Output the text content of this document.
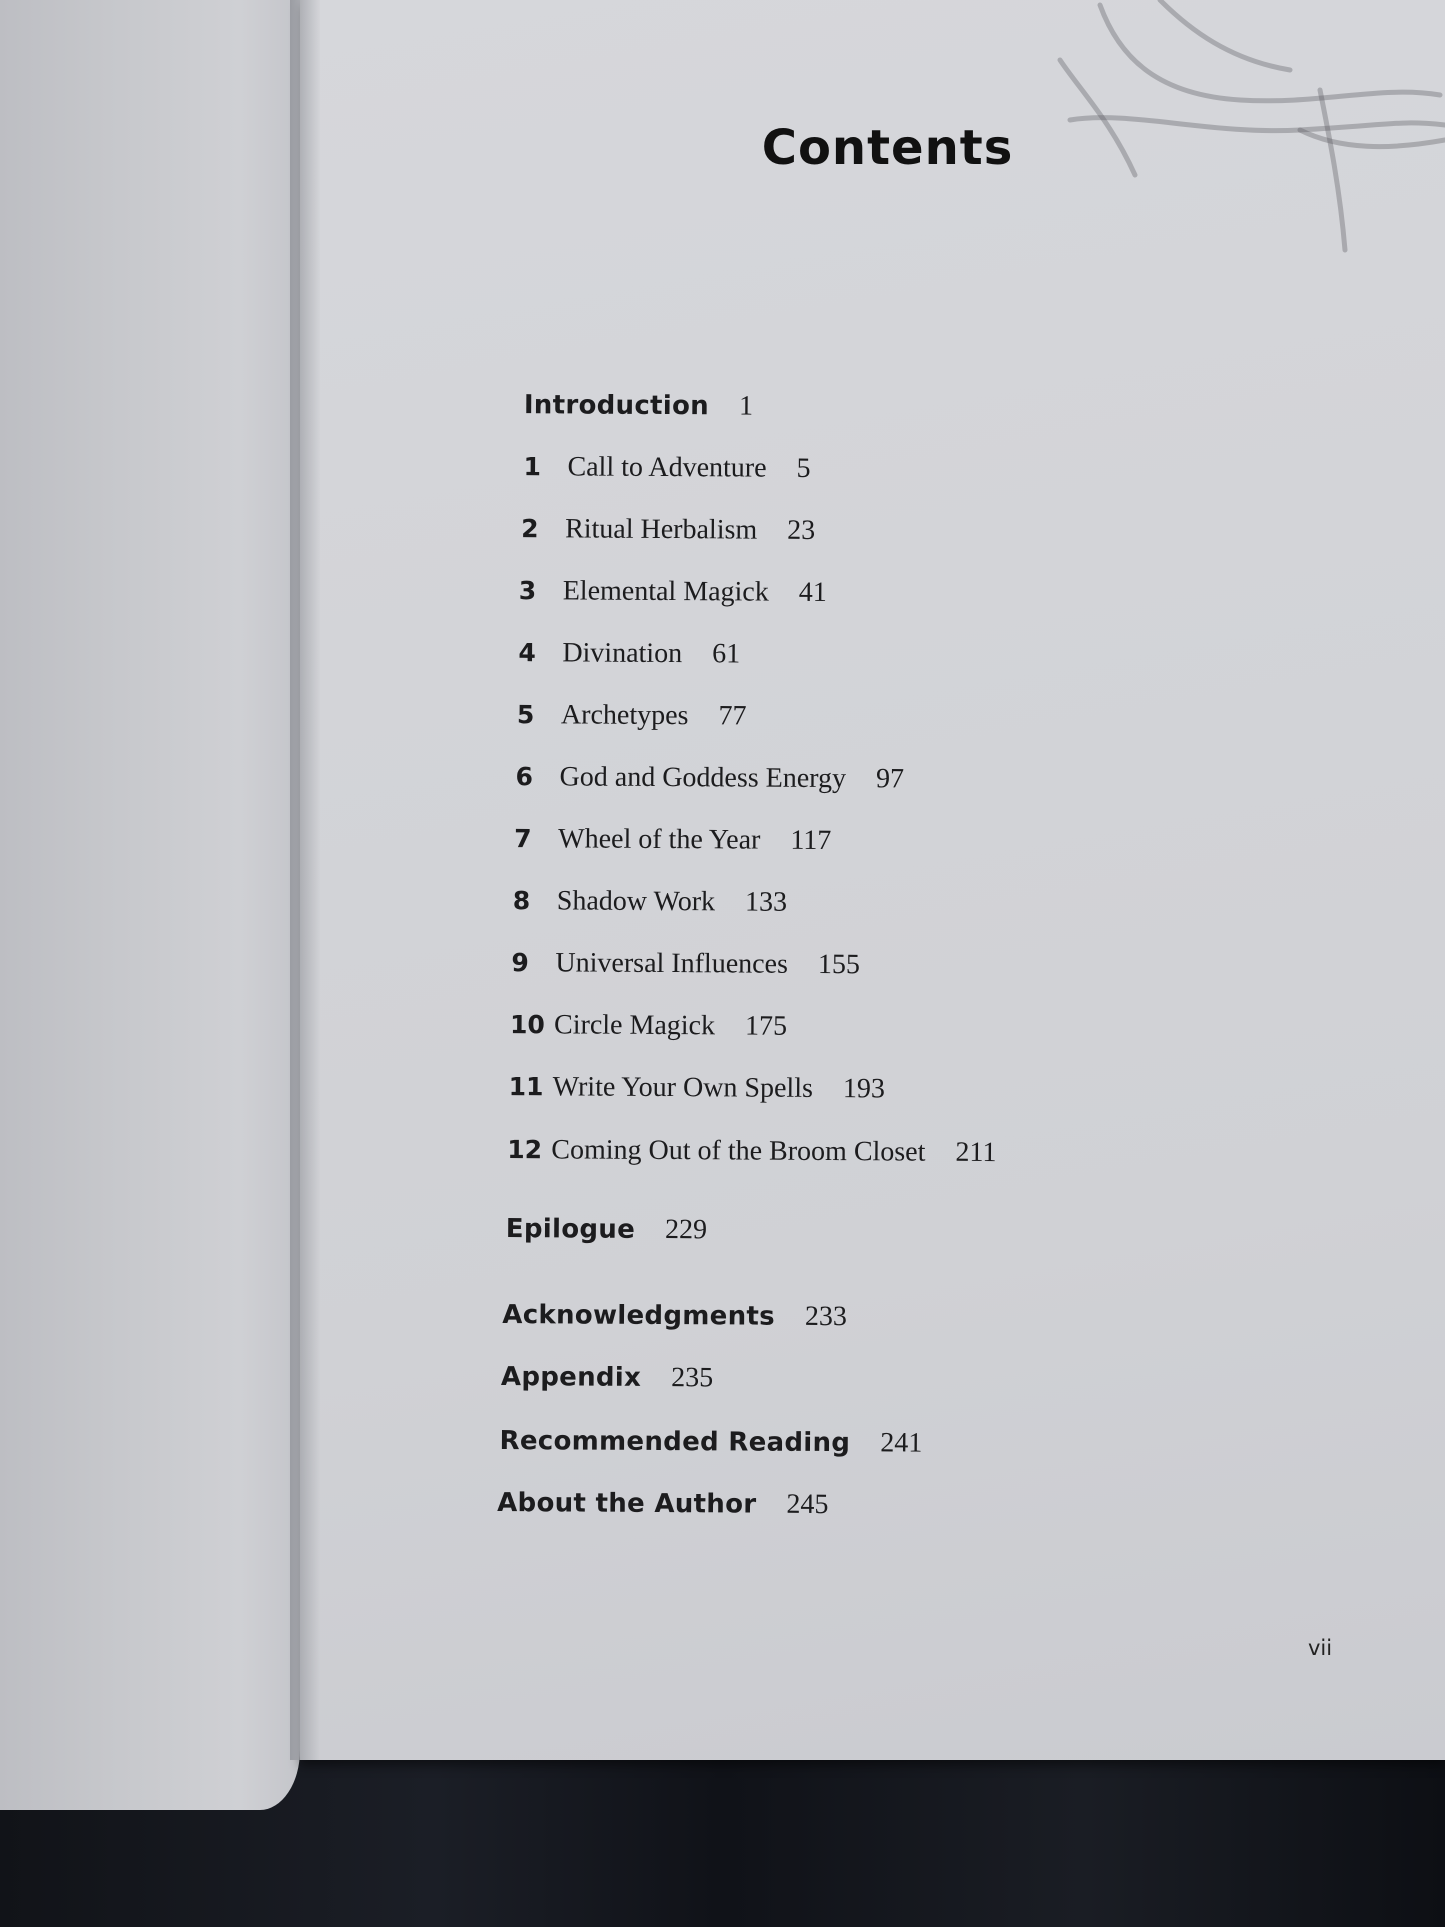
Contents
Introduction 1
1 Call to Adventure 5
2 Ritual Herbalism 23
3 Elemental Magick 41
4 Divination 61
5 Archetypes 77
6 God and Goddess Energy 97
7 Wheel of the Year 117
8 Shadow Work 133
9 Universal Influences 155
10 Circle Magick 175
11 Write Your Own Spells 193
12 Coming Out of the Broom Closet 211
Epilogue 229
Acknowledgments 233
Appendix 235
Recommended Reading 241
About the Author 245
vii
